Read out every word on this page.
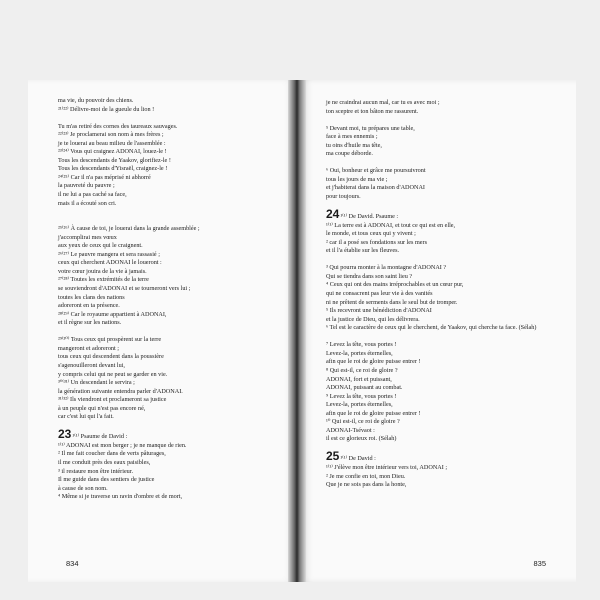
ma vie, du pouvoir des chiens.
²¹⁽²²⁾ Délivre-moi de la gueule du lion !
Tu m'as retiré des cornes des taureaux sauvages.
²²⁽²³⁾ Je proclamerai son nom à mes frères ;
je te louerai au beau milieu de l'assemblée :
²³⁽²⁴⁾ Vous qui craignez ADONAI, louez-le !
Tous les descendants de Yaakov, glorifiez-le !
Tous les descendants d'Yisraël, craignez-le !
²⁴⁽²⁵⁾ Car il n'a pas méprisé ni abhorré
la pauvreté du pauvre ;
il ne lui a pas caché sa face,
mais il a écouté son cri.
²⁵⁽²⁶⁾ À cause de toi, je louerai dans la grande assemblée ;
j'accomplirai mes vœux
aux yeux de ceux qui le craignent.
²⁶⁽²⁷⁾ Le pauvre mangera et sera rassasié ;
ceux qui cherchent ADONAI le loueront :
votre cœur jouira de la vie à jamais.
²⁷⁽²⁸⁾ Toutes les extrémités de la terre
se souviendront d'ADONAI et se tourneront vers lui ;
toutes les clans des nations
adoreront en ta présence.
²⁸⁽²⁹⁾ Car le royaume appartient à ADONAI,
et il règne sur les nations.
²⁹⁽³⁰⁾ Tous ceux qui prospèrent sur la terre
mangeront et adoreront ;
tous ceux qui descendent dans la poussière
s'agenouilleront devant lui,
y compris celui qui ne peut se garder en vie.
³⁰⁽³¹⁾ Un descendant le servira ;
la génération suivante entendra parler d'ADONAI.
³¹⁽³²⁾ Ils viendront et proclameront sa justice
à un peuple qui n'est pas encore né,
car c'est lui qui l'a fait.
23¹⁽¹⁾ Psaume de David :
¹⁽¹⁾ ADONAI est mon berger ; je ne manque de rien.
² Il me fait coucher dans de verts pâturages,
il me conduit près des eaux paisibles,
³ il restaure mon être intérieur.
Il me guide dans des sentiers de justice
à cause de son nom.
⁴ Même si je traverse un ravin d'ombre et de mort,
834
je ne craindrai aucun mal, car tu es avec moi ;
ton sceptre et ton bâton me rassurent.
⁵ Devant moi, tu prépares une table,
face à mes ennemis ;
tu oins d'huile ma tête,
ma coupe déborde.
⁶ Oui, bonheur et grâce me poursuivront
tous les jours de ma vie ;
et j'habiterai dans la maison d'ADONAI
pour toujours.
24¹⁽¹⁾ De David. Psaume :
¹⁽¹⁾ La terre est à ADONAI, et tout ce qui est en elle,
le monde, et tous ceux qui y vivent ;
² car il a posé ses fondations sur les mers
et il l'a établie sur les fleuves.
³ Qui pourra monter à la montagne d'ADONAI ?
Qui se tiendra dans son saint lieu ?
⁴ Ceux qui ont des mains irréprochables et un cœur pur,
qui ne consacrent pas leur vie à des vanités
ni ne prêtent de serments dans le seul but de tromper.
⁵ Ils recevront une bénédiction d'ADONAI
et la justice de Dieu, qui les délivrera.
⁶ Tel est le caractère de ceux qui le cherchent, de Yaakov, qui cherche ta face. (Sélah)
⁷ Levez la tête, vous portes !
Levez-la, portes éternelles,
afin que le roi de gloire puisse entrer !
⁸ Qui est-il, ce roi de gloire ?
ADONAI, fort et puissant,
ADONAI, puissant au combat.
⁹ Levez la tête, vous portes !
Levez-la, portes éternelles,
afin que le roi de gloire puisse entrer !
¹⁰ Qui est-il, ce roi de gloire ?
ADONAI-Tsévaot :
il est ce glorieux roi. (Sélah)
25¹⁽¹⁾ De David :
¹⁽¹⁾ J'élève mon être intérieur vers toi, ADONAI ;
² Je me confie en toi, mon Dieu.
Que je ne sois pas dans la honte,
835
